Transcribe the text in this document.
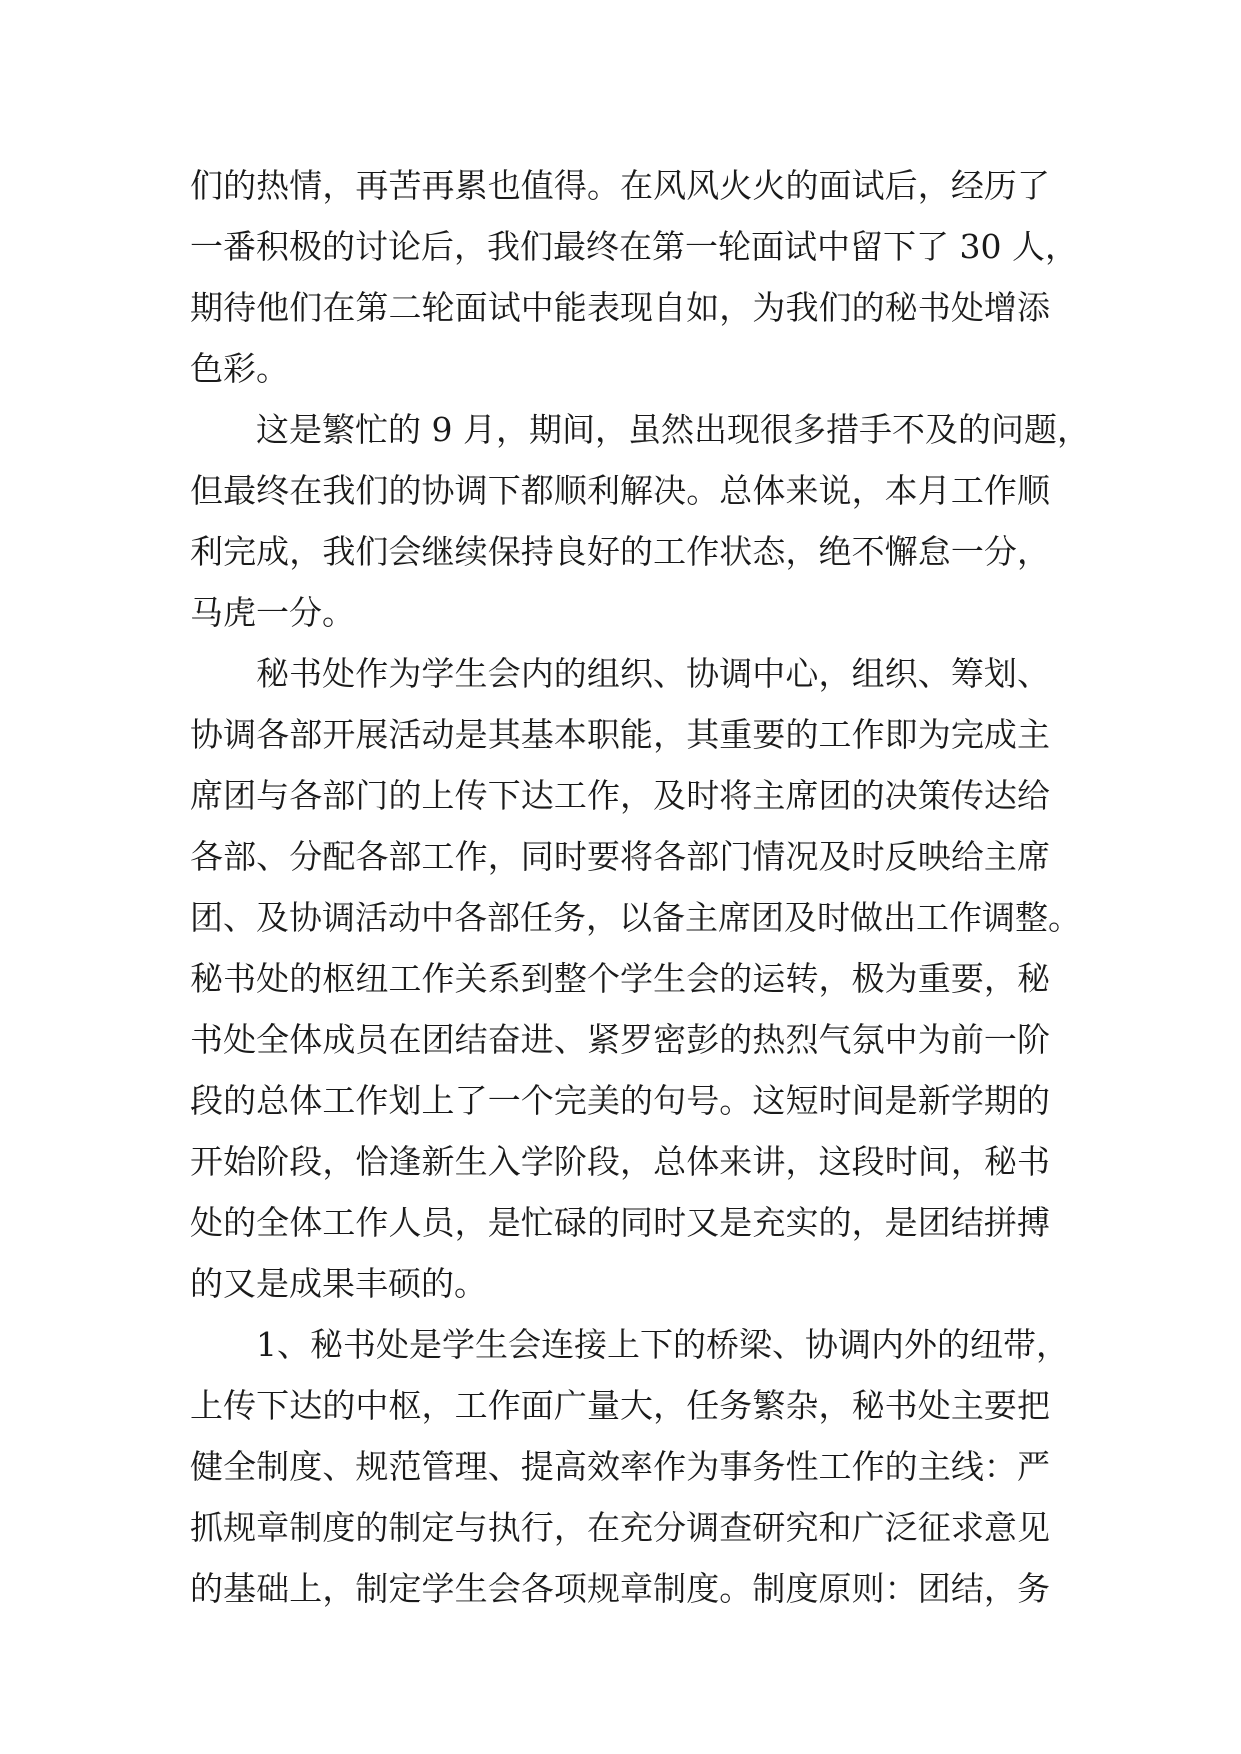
们的热情，再苦再累也值得。在风风火火的面试后，经历了
一番积极的讨论后，我们最终在第一轮面试中留下了 30 人，
期待他们在第二轮面试中能表现自如，为我们的秘书处增添
色彩。
这是繁忙的 9 月，期间，虽然出现很多措手不及的问题，
但最终在我们的协调下都顺利解决。总体来说，本月工作顺
利完成，我们会继续保持良好的工作状态，绝不懈怠一分，
马虎一分。
秘书处作为学生会内的组织、协调中心，组织、筹划、
协调各部开展活动是其基本职能，其重要的工作即为完成主
席团与各部门的上传下达工作，及时将主席团的决策传达给
各部、分配各部工作，同时要将各部门情况及时反映给主席
团、及协调活动中各部任务，以备主席团及时做出工作调整。
秘书处的枢纽工作关系到整个学生会的运转，极为重要，秘
书处全体成员在团结奋进、紧罗密彭的热烈气氛中为前一阶
段的总体工作划上了一个完美的句号。这短时间是新学期的
开始阶段，恰逢新生入学阶段，总体来讲，这段时间，秘书
处的全体工作人员，是忙碌的同时又是充实的，是团结拼搏
的又是成果丰硕的。
1、秘书处是学生会连接上下的桥梁、协调内外的纽带，
上传下达的中枢，工作面广量大，任务繁杂，秘书处主要把
健全制度、规范管理、提高效率作为事务性工作的主线：严
抓规章制度的制定与执行，在充分调查研究和广泛征求意见
的基础上，制定学生会各项规章制度。制度原则：团结，务
